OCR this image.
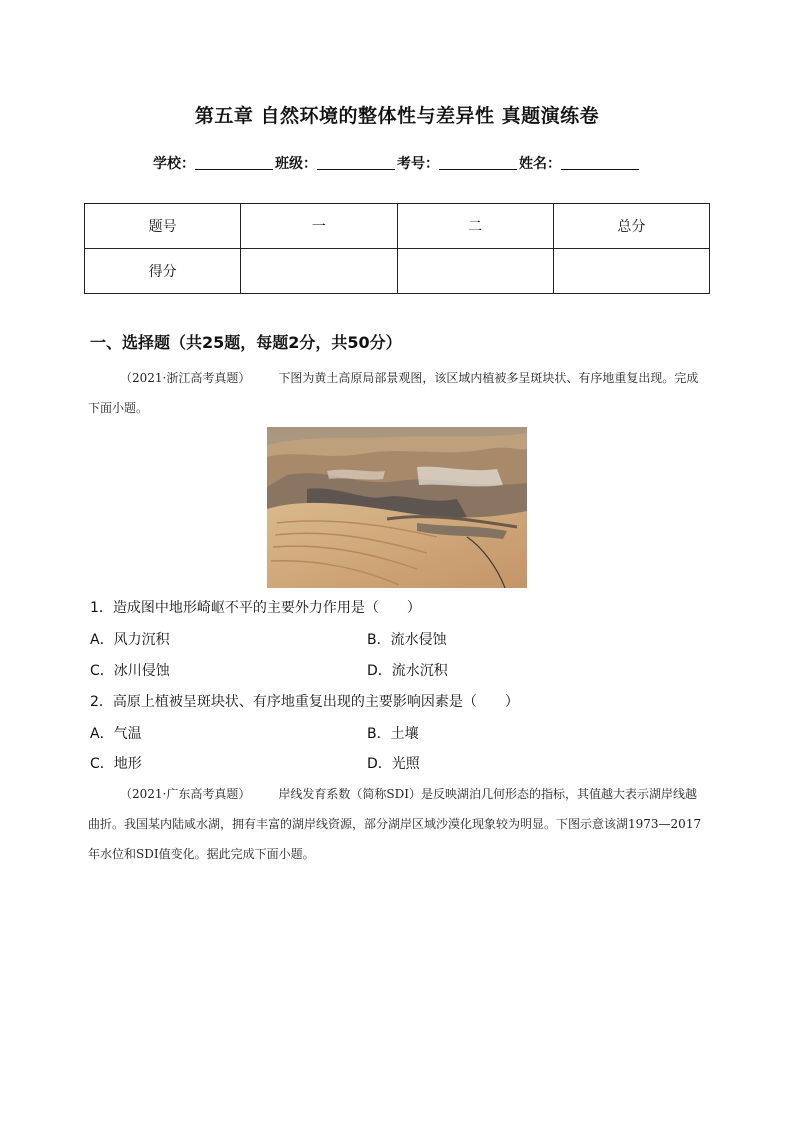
第五章 自然环境的整体性与差异性 真题演练卷
学校：	班级：	考号：	姓名：
题号	一	二	总分
得分			
一、选择题（共25题，每题2分，共50分）
（2021·浙江高考真题） 下图为黄土高原局部景观图，该区域内植被多呈斑块状、有序地重复出现。完成下面小题。
1．造成图中地形崎岖不平的主要外力作用是（　　）
A．风力沉积	B．流水侵蚀
C．冰川侵蚀	D．流水沉积
2．高原上植被呈斑块状、有序地重复出现的主要影响因素是（　　）
A．气温	B．土壤
C．地形	D．光照
（2021·广东高考真题） 岸线发育系数（简称SDI）是反映湖泊几何形态的指标，其值越大表示湖岸线越曲折。我国某内陆咸水湖，拥有丰富的湖岸线资源，部分湖岸区域沙漠化现象较为明显。下图示意该湖1973—2017年水位和SDI值变化。据此完成下面小题。
